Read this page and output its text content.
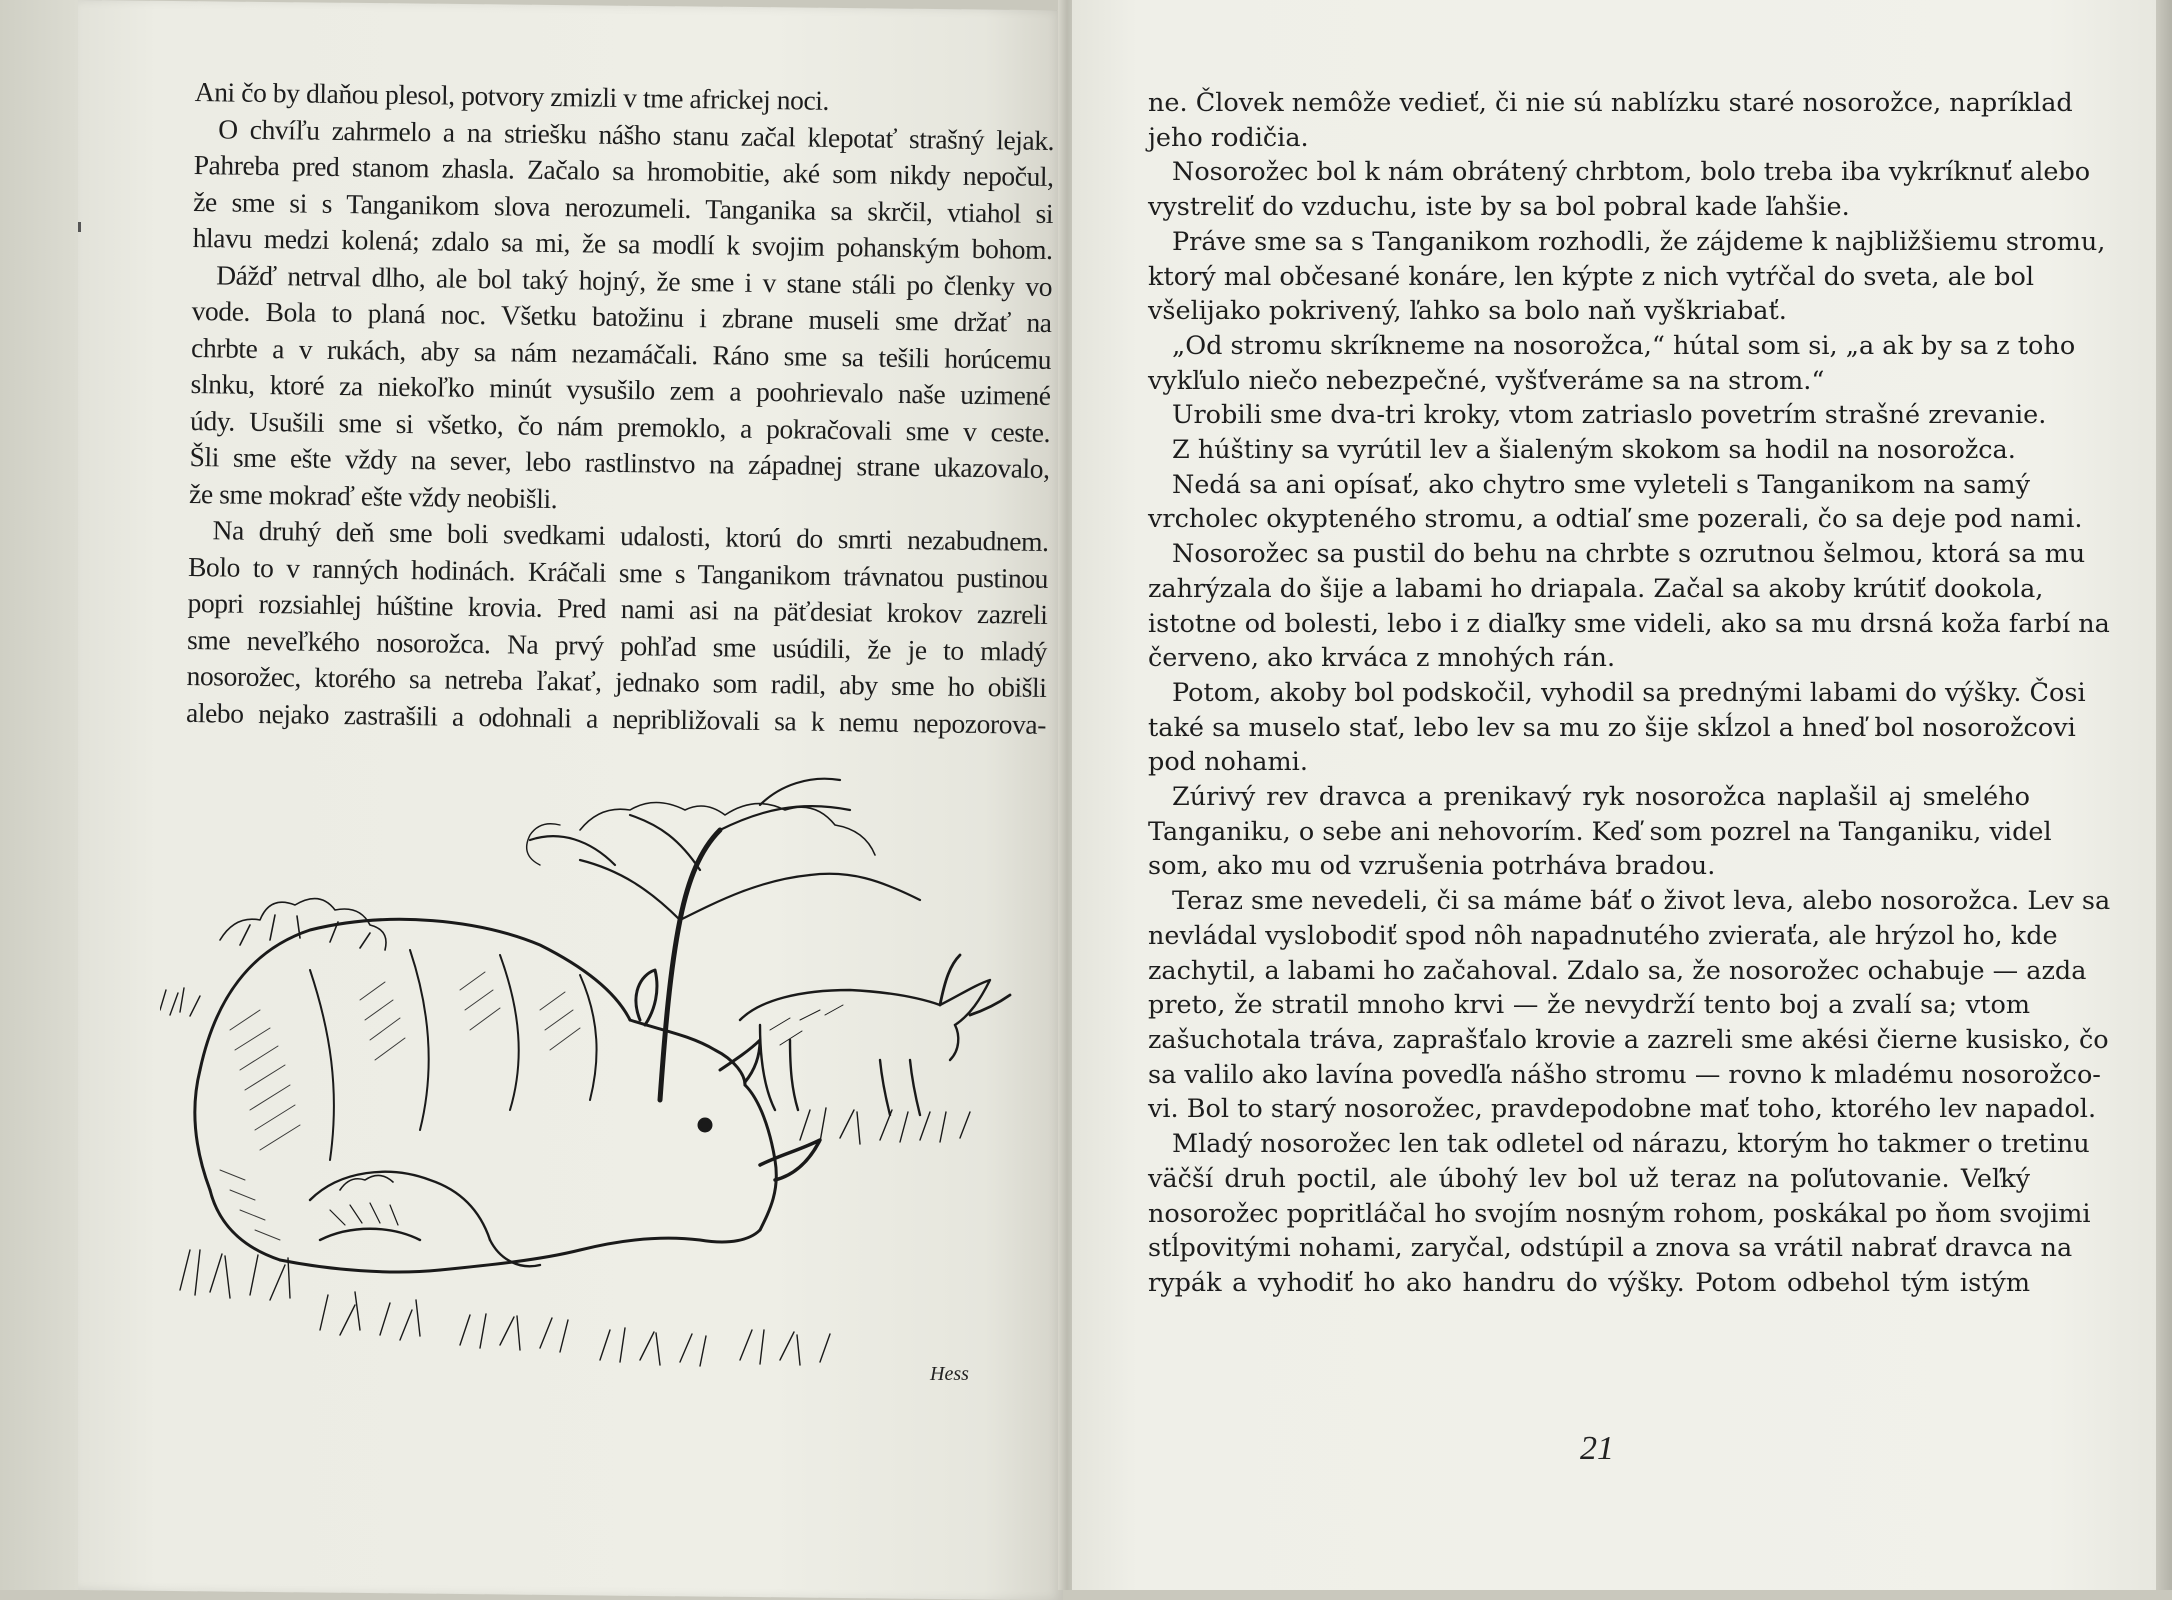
Ani čo by dlaňou plesol, potvory zmizli v tme africkej noci.
O chvíľu zahrmelo a na striešku nášho stanu začal klepotať strašný lejak.
Pahreba pred stanom zhasla. Začalo sa hromobitie, aké som nikdy nepočul,
že sme si s Tanganikom slova nerozumeli. Tanganika sa skrčil, vtiahol si
hlavu medzi kolená; zdalo sa mi, že sa modlí k svojim pohanským bohom.
Dážď netrval dlho, ale bol taký hojný, že sme i v stane stáli po členky vo
vode. Bola to planá noc. Všetku batožinu i zbrane museli sme držať na
chrbte a v rukách, aby sa nám nezamáčali. Ráno sme sa tešili horúcemu
slnku, ktoré za niekoľko minút vysušilo zem a poohrievalo naše uzimené
údy. Usušili sme si všetko, čo nám premoklo, a pokračovali sme v ceste.
Šli sme ešte vždy na sever, lebo rastlinstvo na západnej strane ukazovalo,
že sme mokraď ešte vždy neobišli.
Na druhý deň sme boli svedkami udalosti, ktorú do smrti nezabudnem.
Bolo to v ranných hodinách. Kráčali sme s Tanganikom trávnatou pustinou
popri rozsiahlej húštine krovia. Pred nami asi na päťdesiat krokov zazreli
sme neveľkého nosorožca. Na prvý pohľad sme usúdili, že je to mladý
nosorožec, ktorého sa netreba ľakať, jednako som radil, aby sme ho obišli
alebo nejako zastrašili a odohnali a nepribližovali sa k nemu nepozorova-
Hess
ne. Človek nemôže vedieť, či nie sú nablízku staré nosorožce, napríklad
jeho rodičia.
Nosorožec bol k nám obrátený chrbtom, bolo treba iba vykríknuť alebo
vystreliť do vzduchu, iste by sa bol pobral kade ľahšie.
Práve sme sa s Tanganikom rozhodli, že zájdeme k najbližšiemu stromu,
ktorý mal občesané konáre, len kýpte z nich vytŕčal do sveta, ale bol
všelijako pokrivený, ľahko sa bolo naň vyškriabať.
„Od stromu skríkneme na nosorožca,“ hútal som si, „a ak by sa z toho
vykľulo niečo nebezpečné, vyšťveráme sa na strom.“
Urobili sme dva-tri kroky, vtom zatriaslo povetrím strašné zrevanie.
Z húštiny sa vyrútil lev a šialeným skokom sa hodil na nosorožca.
Nedá sa ani opísať, ako chytro sme vyleteli s Tanganikom na samý
vrcholec okypteného stromu, a odtiaľ sme pozerali, čo sa deje pod nami.
Nosorožec sa pustil do behu na chrbte s ozrutnou šelmou, ktorá sa mu
zahrýzala do šije a labami ho driapala. Začal sa akoby krútiť dookola,
istotne od bolesti, lebo i z diaľky sme videli, ako sa mu drsná koža farbí na
červeno, ako krváca z mnohých rán.
Potom, akoby bol podskočil, vyhodil sa prednými labami do výšky. Čosi
také sa muselo stať, lebo lev sa mu zo šije skĺzol a hneď bol nosorožcovi
pod nohami.
Zúrivý rev dravca a prenikavý ryk nosorožca naplašil aj smelého
Tanganiku, o sebe ani nehovorím. Keď som pozrel na Tanganiku, videl
som, ako mu od vzrušenia potrháva bradou.
Teraz sme nevedeli, či sa máme báť o život leva, alebo nosorožca. Lev sa
nevládal vyslobodiť spod nôh napadnutého zvieraťa, ale hrýzol ho, kde
zachytil, a labami ho začahoval. Zdalo sa, že nosorožec ochabuje — azda
preto, že stratil mnoho krvi — že nevydrží tento boj a zvalí sa; vtom
zašuchotala tráva, zaprašťalo krovie a zazreli sme akési čierne kusisko, čo
sa valilo ako lavína povedľa nášho stromu — rovno k mladému nosorožco-
vi. Bol to starý nosorožec, pravdepodobne mať toho, ktorého lev napadol.
Mladý nosorožec len tak odletel od nárazu, ktorým ho takmer o tretinu
väčší druh poctil, ale úbohý lev bol už teraz na poľutovanie. Veľký
nosorožec popritláčal ho svojím nosným rohom, poskákal po ňom svojimi
stĺpovitými nohami, zaryčal, odstúpil a znova sa vrátil nabrať dravca na
rypák a vyhodiť ho ako handru do výšky. Potom odbehol tým istým
21
